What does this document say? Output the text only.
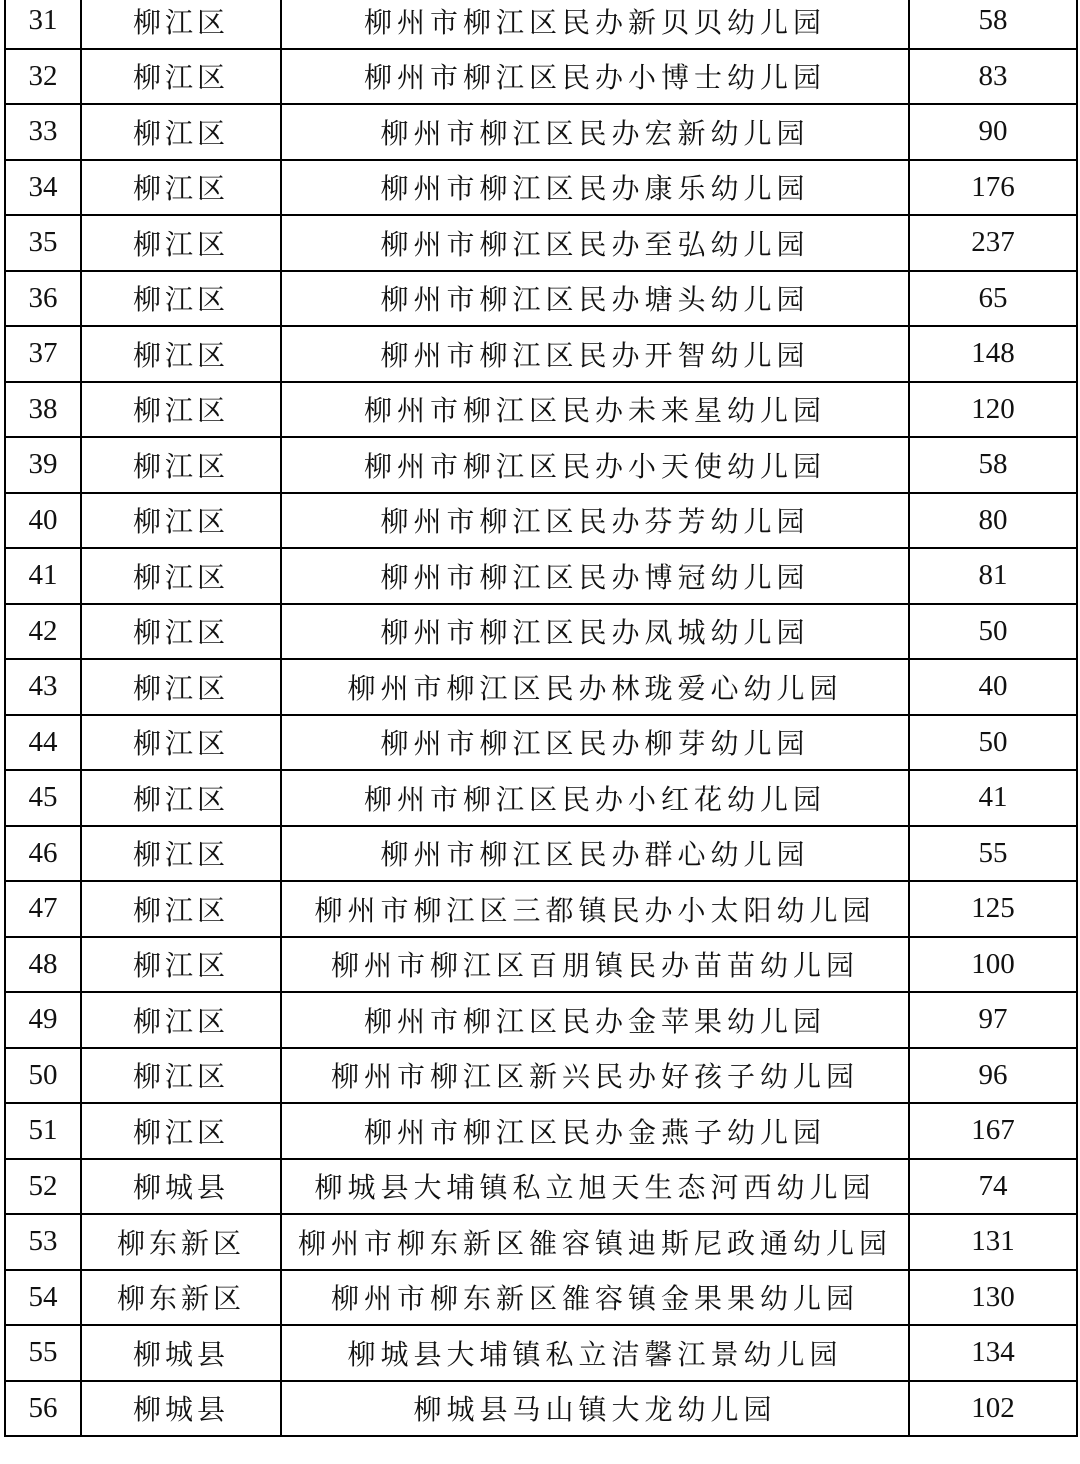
31	柳江区	柳州市柳江区民办新贝贝幼儿园	58
32	柳江区	柳州市柳江区民办小博士幼儿园	83
33	柳江区	柳州市柳江区民办宏新幼儿园	90
34	柳江区	柳州市柳江区民办康乐幼儿园	176
35	柳江区	柳州市柳江区民办至弘幼儿园	237
36	柳江区	柳州市柳江区民办塘头幼儿园	65
37	柳江区	柳州市柳江区民办开智幼儿园	148
38	柳江区	柳州市柳江区民办未来星幼儿园	120
39	柳江区	柳州市柳江区民办小天使幼儿园	58
40	柳江区	柳州市柳江区民办芬芳幼儿园	80
41	柳江区	柳州市柳江区民办博冠幼儿园	81
42	柳江区	柳州市柳江区民办凤城幼儿园	50
43	柳江区	柳州市柳江区民办林珑爱心幼儿园	40
44	柳江区	柳州市柳江区民办柳芽幼儿园	50
45	柳江区	柳州市柳江区民办小红花幼儿园	41
46	柳江区	柳州市柳江区民办群心幼儿园	55
47	柳江区	柳州市柳江区三都镇民办小太阳幼儿园	125
48	柳江区	柳州市柳江区百朋镇民办苗苗幼儿园	100
49	柳江区	柳州市柳江区民办金苹果幼儿园	97
50	柳江区	柳州市柳江区新兴民办好孩子幼儿园	96
51	柳江区	柳州市柳江区民办金燕子幼儿园	167
52	柳城县	柳城县大埔镇私立旭天生态河西幼儿园	74
53	柳东新区	柳州市柳东新区雒容镇迪斯尼政通幼儿园	131
54	柳东新区	柳州市柳东新区雒容镇金果果幼儿园	130
55	柳城县	柳城县大埔镇私立洁馨江景幼儿园	134
56	柳城县	柳城县马山镇大龙幼儿园	102
